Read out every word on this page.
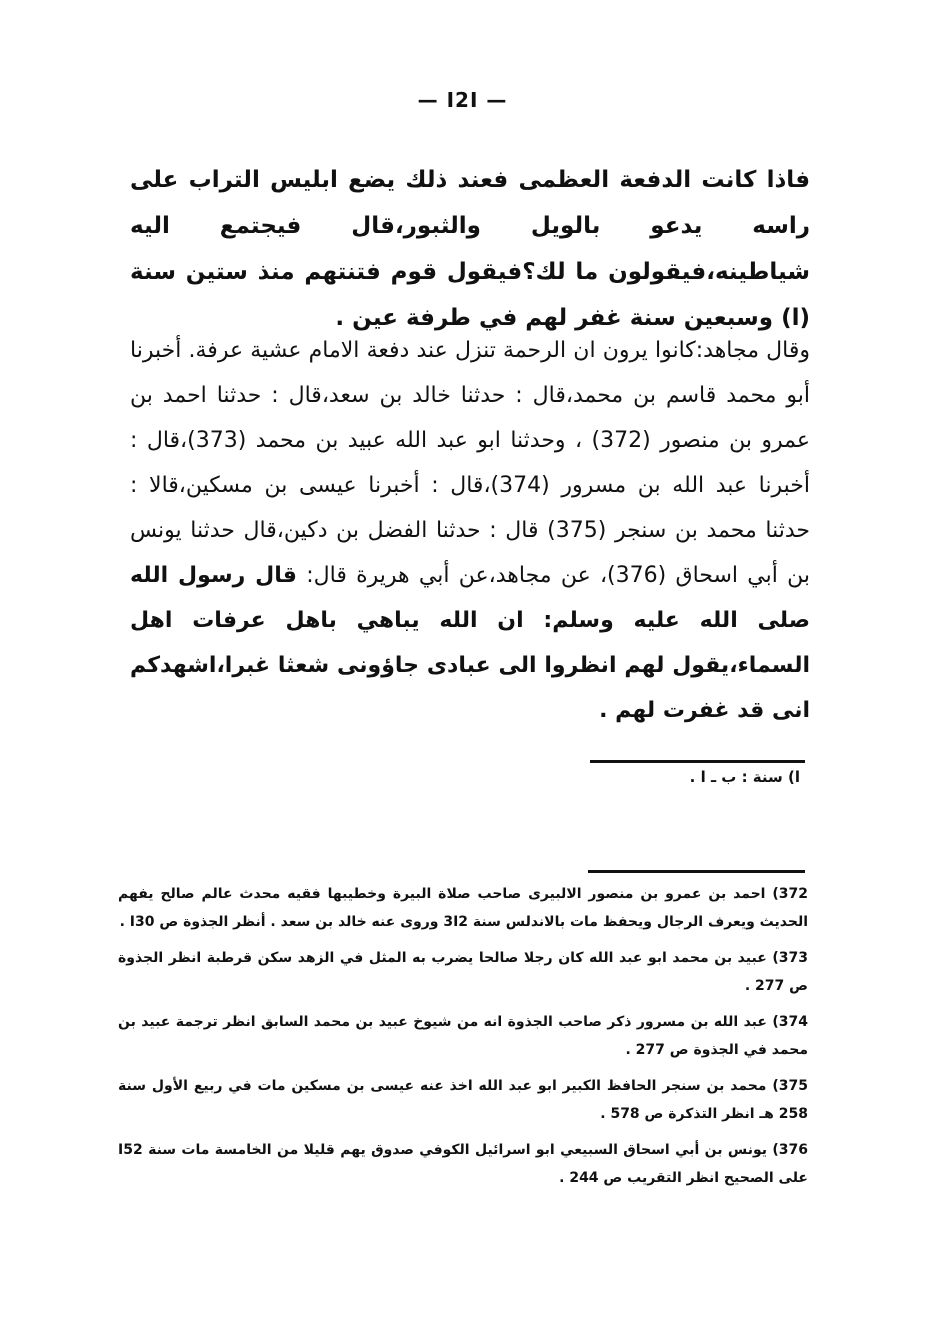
— I2I —

فاذا كانت الدفعة العظمى فعند ذلك يضع ابليس التراب على راسه يدعو بالويل والثبور،قال فيجتمع اليه شياطينه،فيقولون ما لك؟فيقول قوم فتنتهم منذ ستين سنة (ا) وسبعين سنة غفر لهم في طرفة عين .

وقال مجاهد:كانوا يرون ان الرحمة تنزل عند دفعة الامام عشية عرفة. أخبرنا أبو محمد قاسم بن محمد،قال : حدثنا خالد بن سعد،قال : حدثنا احمد بن عمرو بن منصور (372) ، وحدثنا ابو عبد الله عبيد بن محمد (373)،قال : أخبرنا عبد الله بن مسرور (374)،قال : أخبرنا عيسى بن مسكين،قالا : حدثنا محمد بن سنجر (375) قال : حدثنا الفضل بن دكين،قال حدثنا يونس بن أبي اسحاق (376)، عن مجاهد،عن أبي هريرة قال: قال رسول الله صلى الله عليه وسلم: ان الله يباهي باهل عرفات اهل السماء،يقول لهم انظروا الى عبادى جاؤونى شعثا غبرا،اشهدكم انى قد غفرت لهم .

ا) سنة : ب ـ ا .

372) احمد بن عمرو بن منصور الالبيرى صاحب صلاة البيرة وخطيبها فقيه محدث عالم صالح يفهم الحديث ويعرف الرجال ويحفظ مات بالاندلس سنة 3I2 وروى عنه خالد بن سعد . أنظر الجذوة ص I30 .

373) عبيد بن محمد ابو عبد الله كان رجلا صالحا يضرب به المثل في الزهد سكن قرطبة انظر الجذوة ص 277 .

374) عبد الله بن مسرور ذكر صاحب الجذوة انه من شيوخ عبيد بن محمد السابق انظر ترجمة عبيد بن محمد في الجذوة ص 277 .

375) محمد بن سنجر الحافظ الكبير ابو عبد الله اخذ عنه عيسى بن مسكين مات في ربيع الأول سنة 258 هـ انظر التذكرة ص 578 .

376) يونس بن أبي اسحاق السبيعي ابو اسرائيل الكوفي صدوق يهم قليلا من الخامسة مات سنة I52 على الصحيح انظر التقريب ص 244 .
